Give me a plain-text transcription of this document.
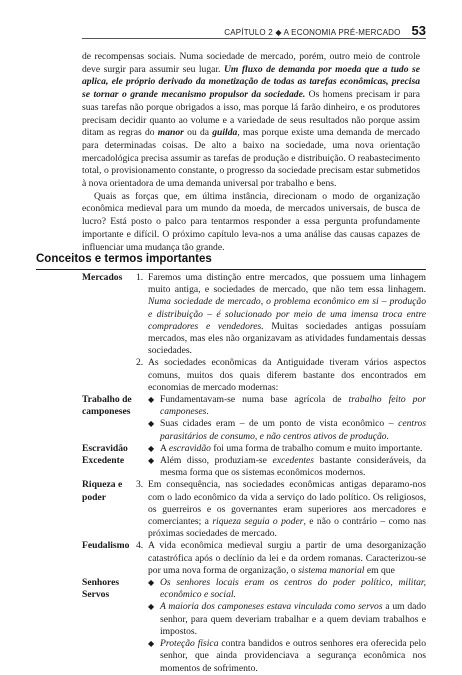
CAPÍTULO 2 ◆ A ECONOMIA PRÉ-MERCADO 53

de recompensas sociais. Numa sociedade de mercado, porém, outro meio de controle deve surgir para assumir seu lugar. Um fluxo de demanda por moeda que a tudo se aplica, ele próprio derivado da monetização de todas as tarefas econômicas, precisa se tornar o grande mecanismo propulsor da sociedade. Os homens precisam ir para suas tarefas não porque obrigados a isso, mas porque lá farão dinheiro, e os produtores precisam decidir quanto ao volume e a variedade de seus resultados não porque assim ditam as regras do manor ou da guilda, mas porque existe uma demanda de mercado para determinadas coisas. De alto a baixo na sociedade, uma nova orientação mercadológica precisa assumir as tarefas de produção e distribuição. O reabastecimento total, o provisionamento constante, o progresso da sociedade precisam estar submetidos à nova orientadora de uma demanda universal por trabalho e bens.

Quais as forças que, em última instância, direcionam o modo de organização econômica medieval para um mundo da moeda, de mercados universais, de busca de lucro? Está posto o palco para tentarmos responder a essa pergunta profundamente importante e difícil. O próximo capítulo leva-nos a uma análise das causas capazes de influenciar uma mudança tão grande.

Conceitos e termos importantes
Mercados	1. Faremos uma distinção entre mercados, que possuem uma linhagem muito antiga, e sociedades de mercado, que não tem essa linhagem. Numa sociedade de mercado, o problema econômico em si – produção e distribuição – é solucionado por meio de uma imensa troca entre compradores e vendedores. Muitas sociedades antigas possuíam mercados, mas eles não organizavam as atividades fundamentais dessas sociedades.
2. As sociedades econômicas da Antiguidade tiveram vários aspectos comuns, muitos dos quais diferem bastante dos encontrados em economias de mercado modernas:
Trabalho de
camponeses
◆ Fundamentavam-se numa base agrícola de trabalho feito por camponeses.
◆ Suas cidades eram – de um ponto de vista econômico – centros parasitários de consumo, e não centros ativos de produção.
Escravidão
Excedente
◆ A escravidão foi uma forma de trabalho comum e muito importante.
◆ Além disso, produziam-se excedentes bastante consideráveis, da mesma forma que os sistemas econômicos modernos.
Riqueza e
poder
3. Em consequência, nas sociedades econômicas antigas deparamo-nos com o lado econômico da vida a serviço do lado político. Os religiosos, os guerreiros e os governantes eram superiores aos mercadores e comerciantes; a riqueza seguia o poder, e não o contrário – como nas próximas sociedades de mercado.
Feudalismo 4. A vida econômica medieval surgiu a partir de uma desorganização catastrófica após o declínio da lei e da ordem romanas. Caracterizou-se por uma nova forma de organização, o sistema manorial em que
Senhores
Servos
◆ Os senhores locais eram os centros do poder político, militar, econômico e social.
◆ A maioria dos camponeses estava vinculada como servos a um dado senhor, para quem deveriam trabalhar e a quem deviam trabalhos e impostos.
◆ Proteção física contra bandidos e outros senhores era oferecida pelo senhor, que ainda providenciava a segurança econômica nos momentos de sofrimento.
